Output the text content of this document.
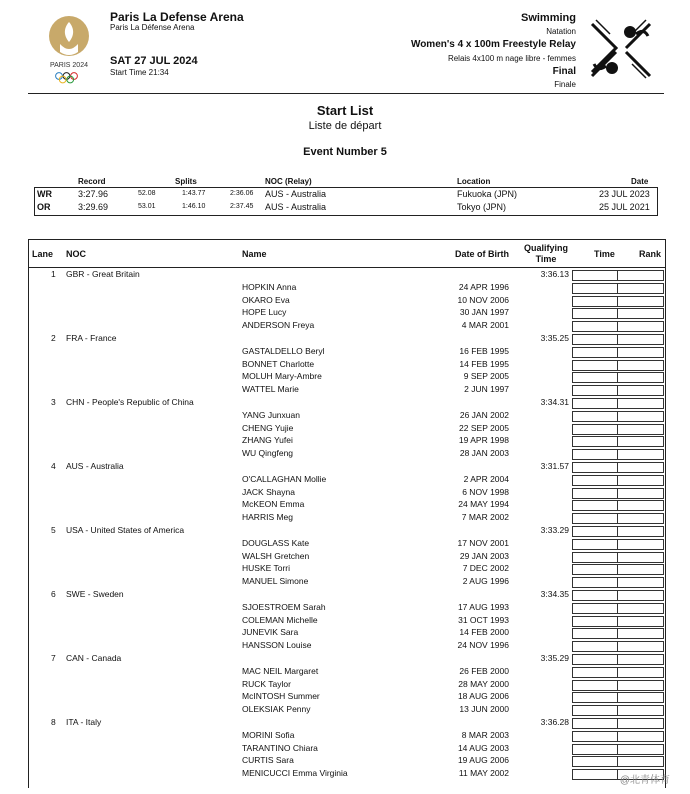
PARIS 2024
Paris La Defense Arena
Paris La Défense Arena
SAT 27 JUL 2024
Start Time 21:34
Swimming
Natation
Women's 4 x 100m Freestyle Relay
Relais 4x100 m nage libre - femmes
Final
Finale
Start List
Liste de départ
Event Number 5
Record	Splits	NOC (Relay)	Location	Date
WR	3:27.96	52.08	1:43.77	2:36.06 AUS - Australia	Fukuoka (JPN)	23 JUL 2023
OR	3:29.69	53.01	1:46.10	2:37.45 AUS - Australia	Tokyo (JPN)	25 JUL 2021
Lane NOC	Name	Date of Birth
Qualifying
Time	Time	Rank
1 GBR - Great Britain	3:36.13
HOPKIN Anna	24 APR 1996
OKARO Eva	10 NOV 2006
HOPE Lucy	30 JAN 1997
ANDERSON Freya	4 MAR 2001
2 FRA - France	3:35.25
GASTALDELLO Beryl	16 FEB 1995
BONNET Charlotte	14 FEB 1995
MOLUH Mary-Ambre	9 SEP 2005
WATTEL Marie	2 JUN 1997
3 CHN - People's Republic of China	3:34.31
YANG Junxuan	26 JAN 2002
CHENG Yujie	22 SEP 2005
ZHANG Yufei	19 APR 1998
WU Qingfeng	28 JAN 2003
4 AUS - Australia	3:31.57
O'CALLAGHAN Mollie	2 APR 2004
JACK Shayna	6 NOV 1998
McKEON Emma	24 MAY 1994
HARRIS Meg	7 MAR 2002
5 USA - United States of America	3:33.29
DOUGLASS Kate	17 NOV 2001
WALSH Gretchen	29 JAN 2003
HUSKE Torri	7 DEC 2002
MANUEL Simone	2 AUG 1996
6 SWE - Sweden	3:34.35
SJOESTROEM Sarah	17 AUG 1993
COLEMAN Michelle	31 OCT 1993
JUNEVIK Sara	14 FEB 2000
HANSSON Louise	24 NOV 1996
7 CAN - Canada	3:35.29
MAC NEIL Margaret	26 FEB 2000
RUCK Taylor	28 MAY 2000
McINTOSH Summer	18 AUG 2006
OLEKSIAK Penny	13 JUN 2000
8 ITA - Italy	3:36.28
MORINI Sofia	8 MAR 2003
TARANTINO Chiara	14 AUG 2003
CURTIS Sara	19 AUG 2006
MENICUCCI Emma Virginia	11 MAY 2002
@北青体育
